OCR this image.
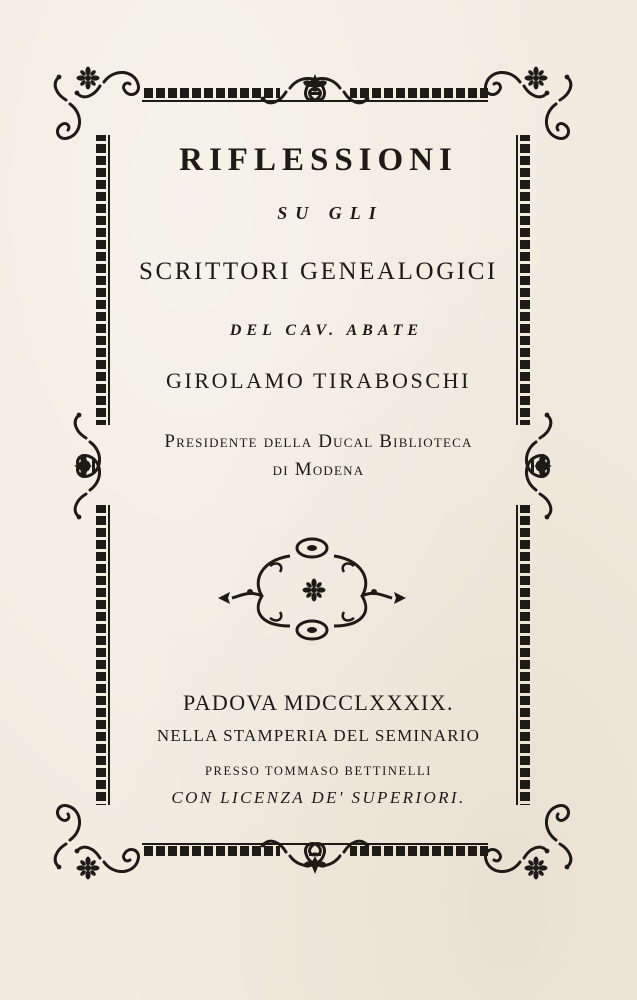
RIFLESSIONI

SU GLI

SCRITTORI GENEALOGICI

DEL CAV. ABATE

GIROLAMO TIRABOSCHI

Presidente della Ducal Biblioteca

di Modena

PADOVA MDCCLXXXIX.

NELLA STAMPERIA DEL SEMINARIO

PRESSO TOMMASO BETTINELLI

CON LICENZA DE' SUPERIORI.
